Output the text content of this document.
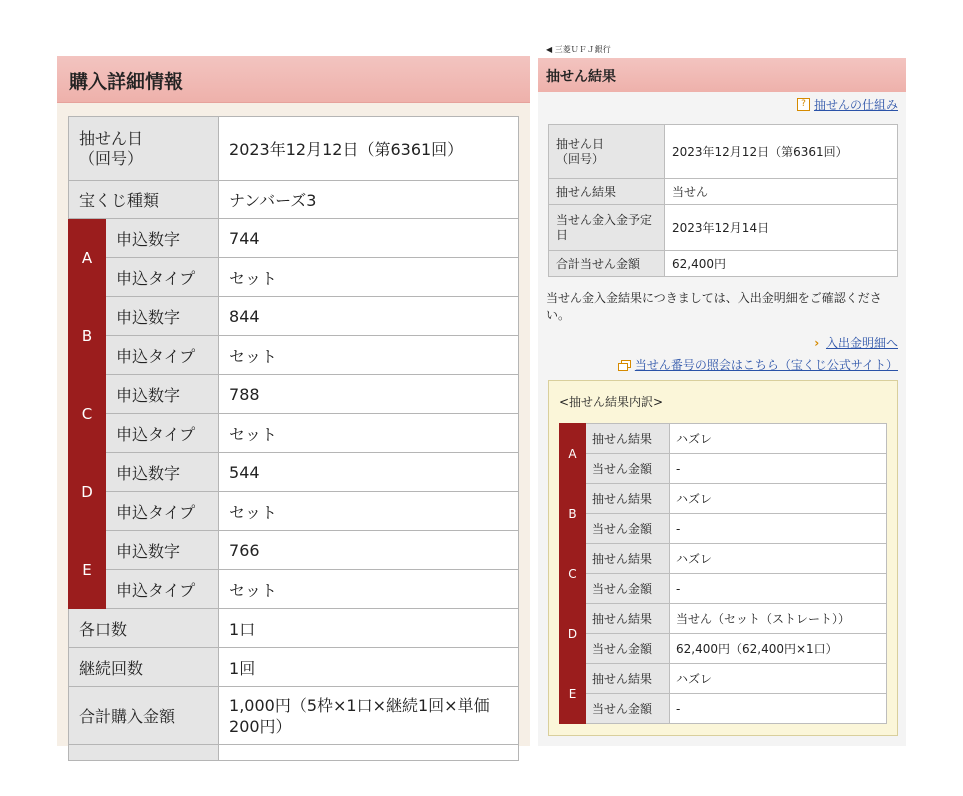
購入詳細情報
抽せん日
（回号）		2023年12月12日（第6361回）
宝くじ種類		ナンバーズ3
A	申込数字	744
	申込タイプ	セット
B	申込数字	844
	申込タイプ	セット
C	申込数字	788
	申込タイプ	セット
D	申込数字	544
	申込タイプ	セット
E	申込数字	766
	申込タイプ	セット
各口数		1口
継続回数		1回
合計購入金額		1,000円（5枠×1口×継続1回×単価200円）

◀ 三菱ＵＦＪ銀行
抽せん結果
? 抽せんの仕組み
抽せん日
（回号）	2023年12月12日（第6361回）
抽せん結果	当せん
当せん金入金予定日	2023年12月14日
合計当せん金額	62,400円
当せん金入金結果につきましては、入出金明細をご確認ください。
› 入出金明細へ
当せん番号の照会はこちら（宝くじ公式サイト）
<抽せん結果内訳>
A	抽せん結果	ハズレ
	当せん金額	-
B	抽せん結果	ハズレ
	当せん金額	-
C	抽せん結果	ハズレ
	当せん金額	-
D	抽せん結果	当せん（セット（ストレート））
	当せん金額	62,400円（62,400円×1口）
E	抽せん結果	ハズレ
	当せん金額	-
